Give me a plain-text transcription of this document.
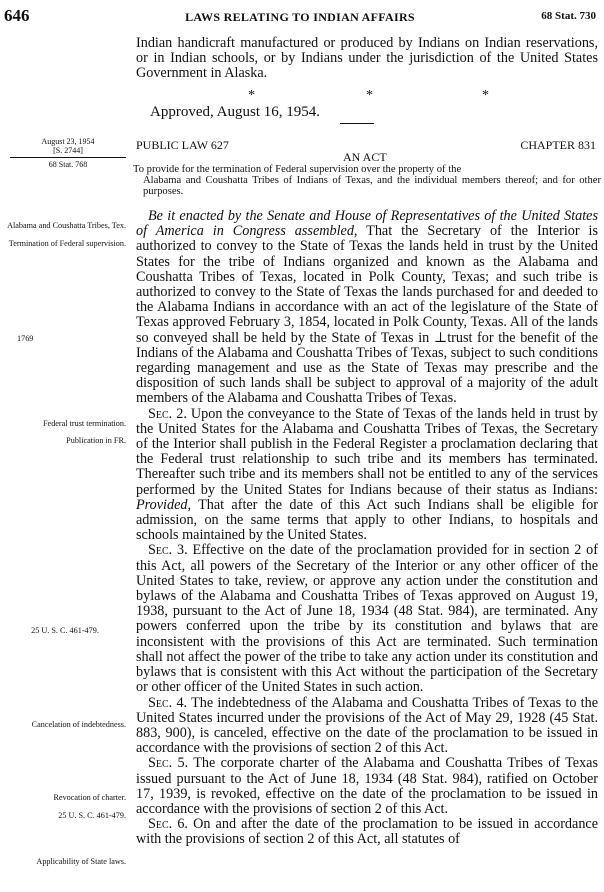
646	LAWS RELATING TO INDIAN AFFAIRS	68 Stat. 730

Indian handicraft manufactured or produced by Indians on Indian reservations, or in Indian schools, or by Indians under the jurisdiction of the United States Government in Alaska.

*	*	*
Approved, August 16, 1954.
August 23, 1954
[S. 2744]
68 Stat. 768
PUBLIC LAW 627	CHAPTER 831
AN ACT

To provide for the termination of Federal supervision over the property of the
Alabama and Coushatta Tribes of Indians of Texas, and the individual members thereof; and for other purposes.

Alabama and Coushatta Tribes, Tex.
Termination of Federal supervision.
1769
Federal trust termination.
Publication in FR.
25 U. S. C. 461-479.
Cancelation of indebtedness.
Revocation of charter.
25 U. S. C. 461-479.
Applicability of State laws.

Be it enacted by the Senate and House of Representatives of the United States of America in Congress assembled, That the Secretary of the Interior is authorized to convey to the State of Texas the lands held in trust by the United States for the tribe of Indians organized and known as the Alabama and Coushatta Tribes of Texas, located in Polk County, Texas; and such tribe is authorized to convey to the State of Texas the lands purchased for and deeded to the Alabama Indians in accordance with an act of the legislature of the State of Texas approved February 3, 1854, located in Polk County, Texas. All of the lands so conveyed shall be held by the State of Texas in ⊥trust for the benefit of the Indians of the Alabama and Coushatta Tribes of Texas, subject to such conditions regarding management and use as the State of Texas may prescribe and the disposition of such lands shall be subject to approval of a majority of the adult members of the Alabama and Coushatta Tribes of Texas.

Sec. 2. Upon the conveyance to the State of Texas of the lands held in trust by the United States for the Alabama and Coushatta Tribes of Texas, the Secretary of the Interior shall publish in the Federal Register a proclamation declaring that the Federal trust relationship to such tribe and its members has terminated. Thereafter such tribe and its members shall not be entitled to any of the services performed by the United States for Indians because of their status as Indians: Provided, That after the date of this Act such Indians shall be eligible for admission, on the same terms that apply to other Indians, to hospitals and schools maintained by the United States.

Sec. 3. Effective on the date of the proclamation provided for in section 2 of this Act, all powers of the Secretary of the Interior or any other officer of the United States to take, review, or approve any action under the constitution and bylaws of the Alabama and Coushatta Tribes of Texas approved on August 19, 1938, pursuant to the Act of June 18, 1934 (48 Stat. 984), are terminated. Any powers conferred upon the tribe by its constitution and bylaws that are inconsistent with the provisions of this Act are terminated. Such termination shall not affect the power of the tribe to take any action under its constitution and bylaws that is consistent with this Act without the participation of the Secretary or other officer of the United States in such action.

Sec. 4. The indebtedness of the Alabama and Coushatta Tribes of Texas to the United States incurred under the provisions of the Act of May 29, 1928 (45 Stat. 883, 900), is canceled, effective on the date of the proclamation to be issued in accordance with the provisions of section 2 of this Act.

Sec. 5. The corporate charter of the Alabama and Coushatta Tribes of Texas issued pursuant to the Act of June 18, 1934 (48 Stat. 984), ratified on October 17, 1939, is revoked, effective on the date of the proclamation to be issued in accordance with the provisions of section 2 of this Act.

Sec. 6. On and after the date of the proclamation to be issued in accordance with the provisions of section 2 of this Act, all statutes of
